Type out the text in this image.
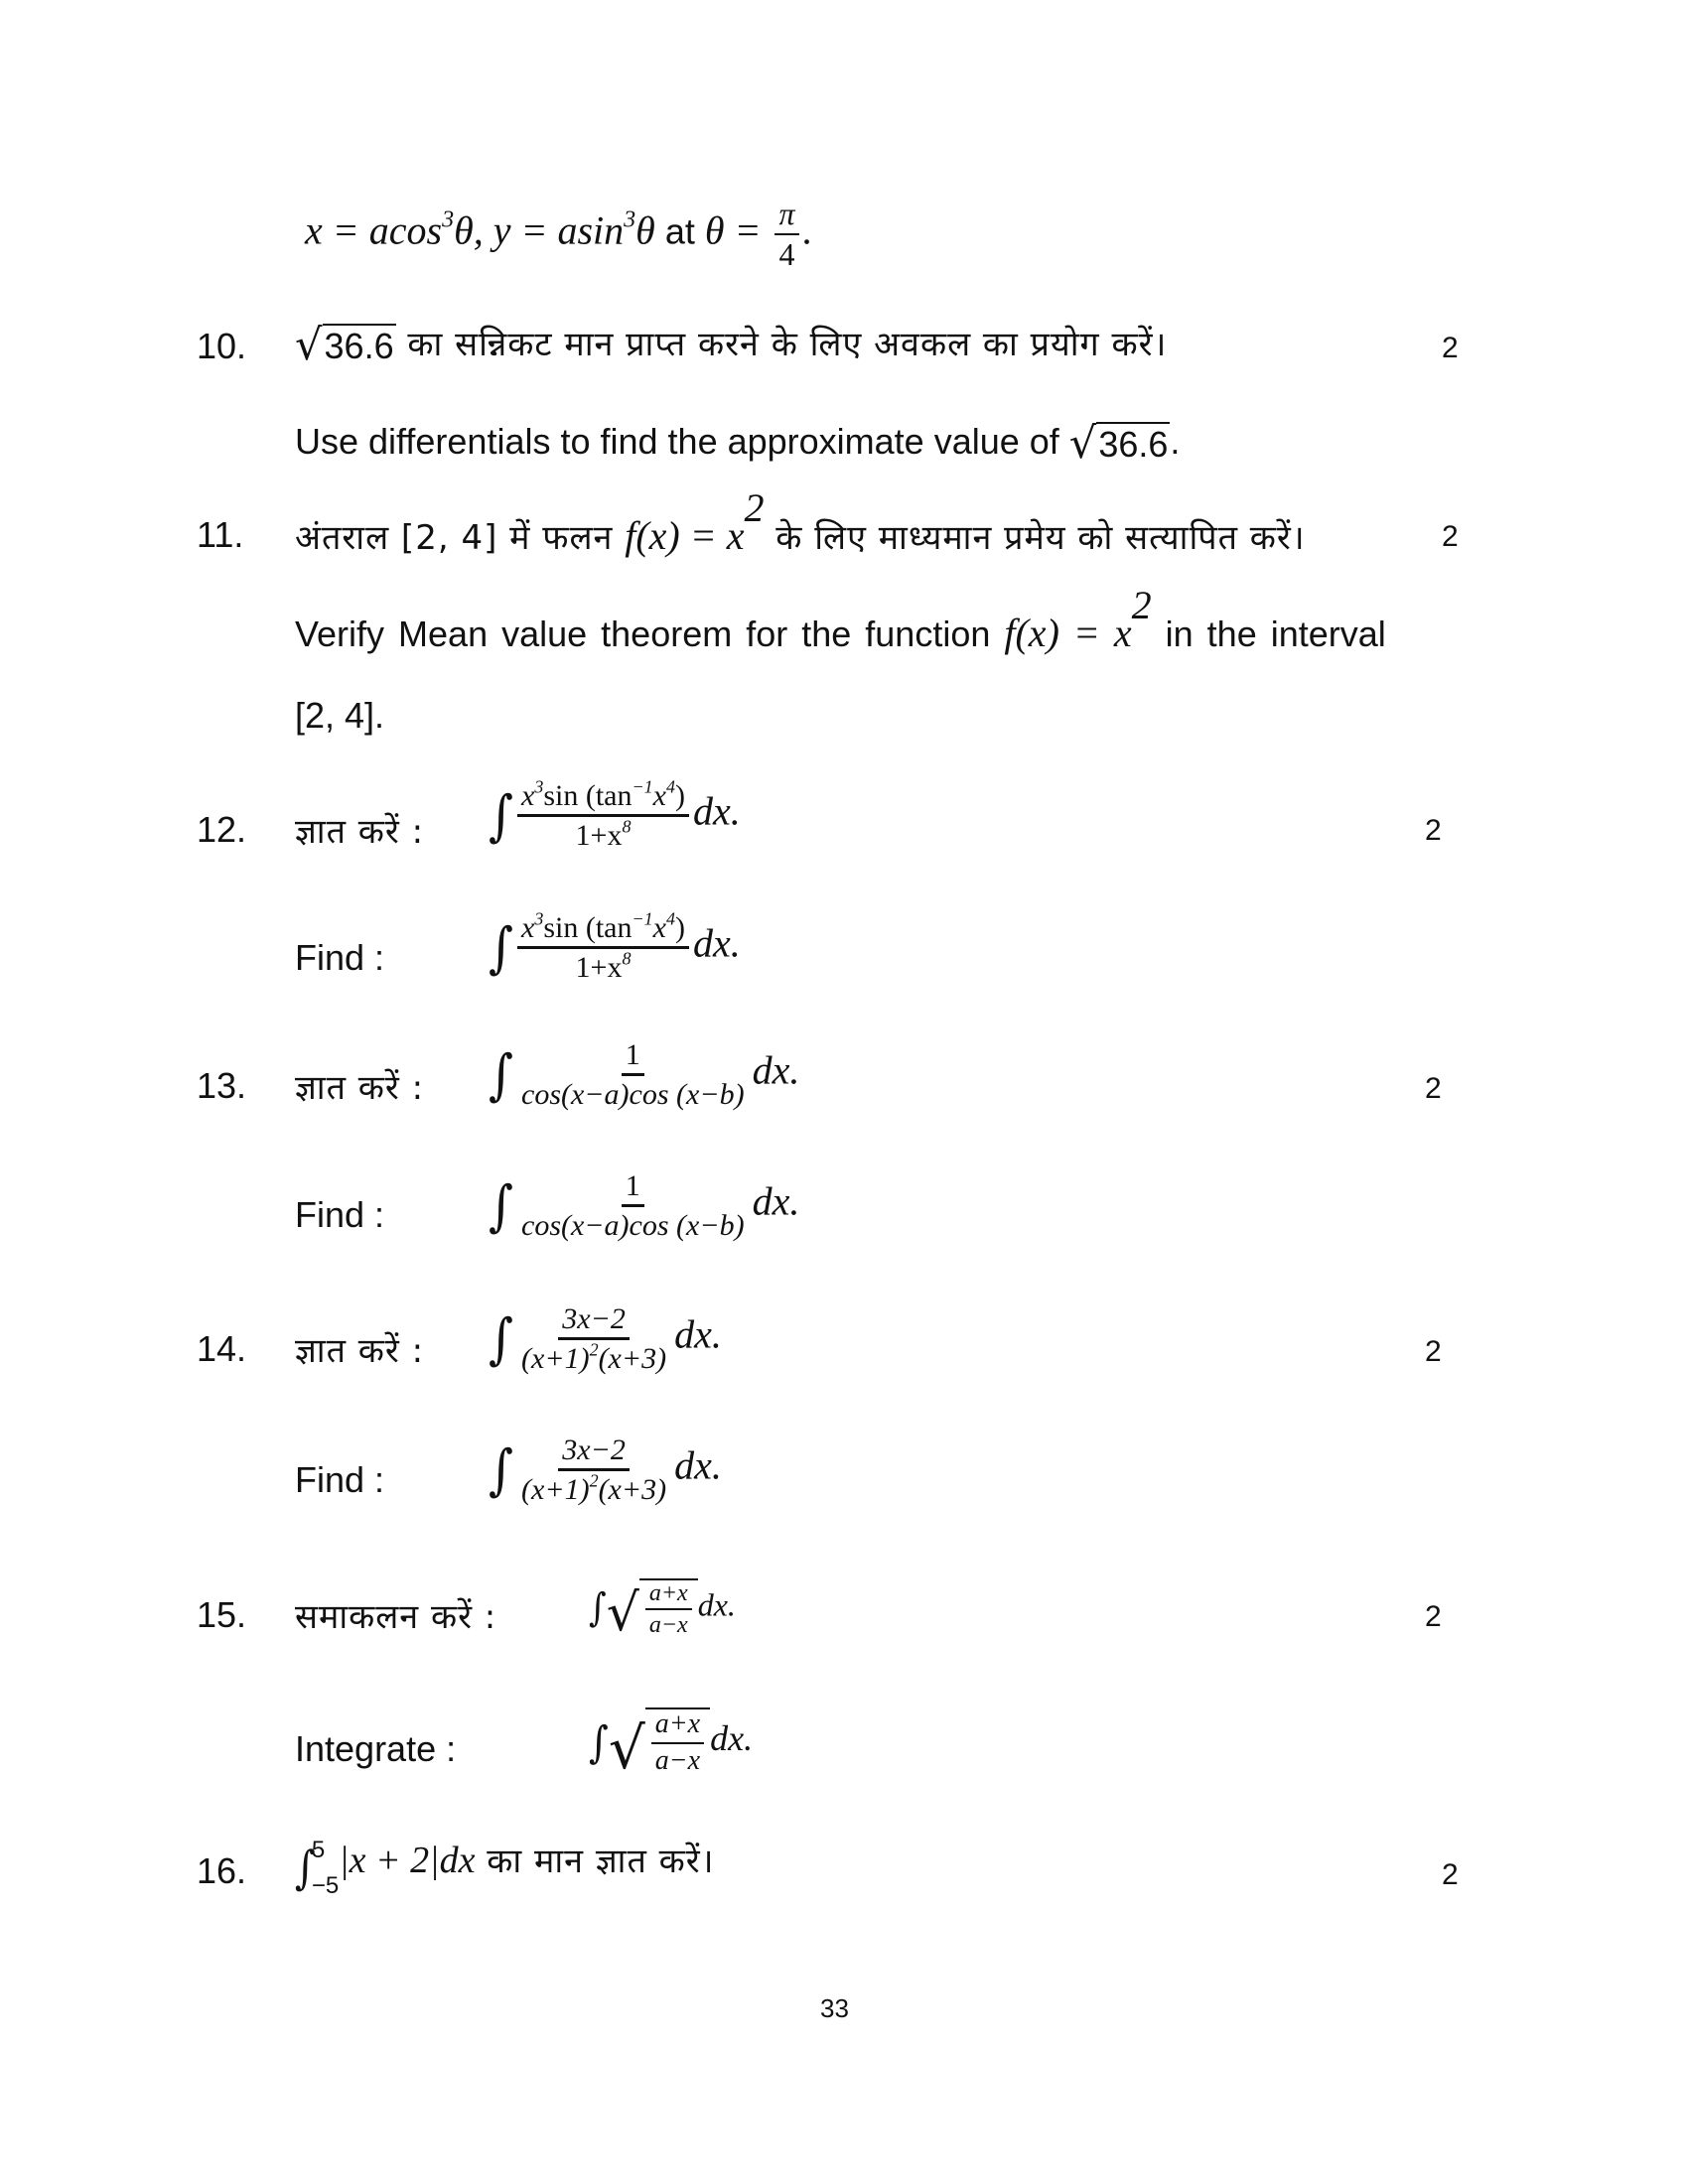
x = acos$^3$θ, y = asin$^3$θ at $\theta = \frac{\pi}{4}$ .
10. √ 36.6 का सन्निकट मान प्राप्त करने के लिए अवकल का प्रयोग करें।	2
Use differentials to find the approximate value of √ 36.6 .
11. अंतराल [2, 4] में फलन $f(x) = x^2$ के लिए माध्यमान प्रमेय को सत्यापित करें।	2
Verify Mean value theorem for the function $f(x) = x^2$ in the interval
[2, 4].
12. ज्ञात करें : ∫ $\frac{x^3\sin (\tan^{-1}x^4)}{1+x^8}$ dx.	2
Find : ∫ $\frac{x^3\sin (\tan^{-1}x^4)}{1+x^8}$ dx.
13. ज्ञात करें : ∫ $\frac{1}{\cos(x-a)\cos (x-b)}$ dx.	2
Find : ∫ $\frac{1}{\cos(x-a)\cos (x-b)}$ dx.
14. ज्ञात करें : ∫ $\frac{3x-2}{(x+1)^2(x+3)}$ dx.	2
Find : ∫ $\frac{3x-2}{(x+1)^2(x+3)}$ dx.
15. समाकलन करें :	∫ √ $\frac{a+x}{a-x}$ dx.	2
Integrate :	∫ √ $\frac{a+x}{a-x}$ dx.
16. ∫
5
−5
|x + 2|dx का मान ज्ञात करें।	2
33
